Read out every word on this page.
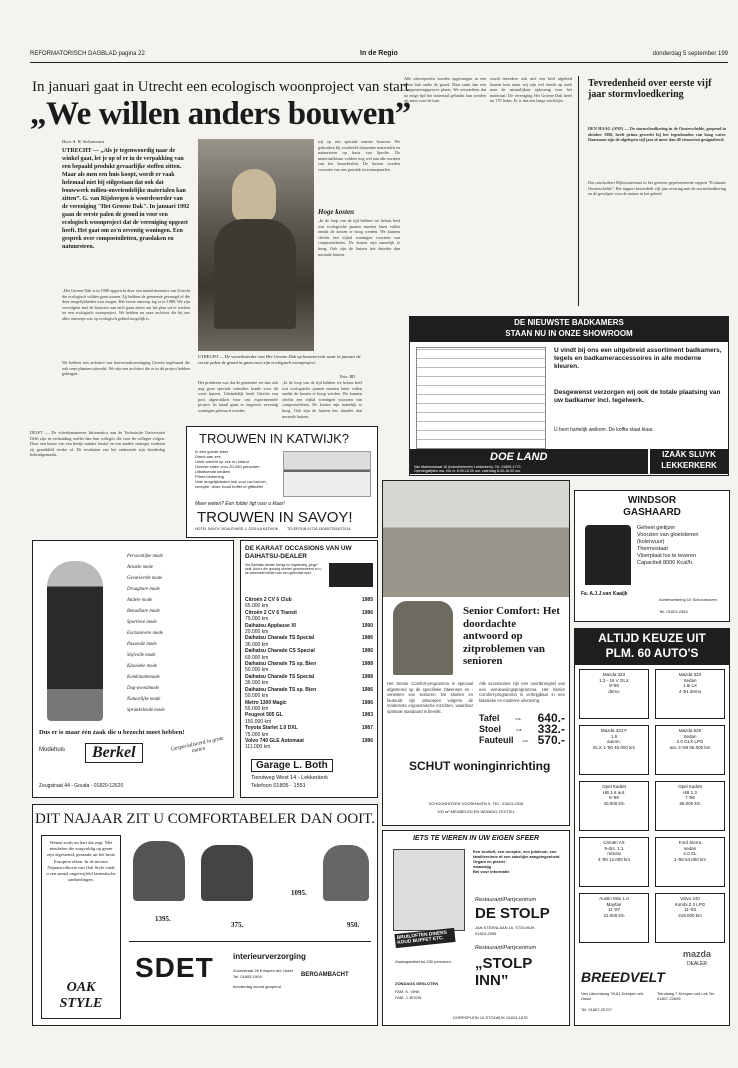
REFORMATORISCH DAGBLAD pagina 22	In de Regio	donderdag 5 september 199
In januari gaat in Utrecht een ecologisch woonproject van start
„We willen anders bouwen”
Door A. W. Schouwstra
UTRECHT — „Als je tegenwoordig naar de winkel gaat, let je op of er in de verpakking van een bepaald produkt gevaarlijke stoffen zitten. Maar als men een huis koopt, wordt er vaak helemaal niet bij stilgestaan dat ook dat bouwwerk milieu-onvriendelijke materialen kan zitten”. G. van Rijsbergen is woordvoerder van de vereniging "Het Groene Dak". In januari 1992 gaan de eerste palen de grond in voor een ecologisch woonproject dat de vereniging opgezet heeft. Het gaat om zo'n zeventig woningen. Een gesprek over compostoiletten, grasdaken en natuursteen.
„Het Groene Dak is in 1988 opgericht door een aantal inwoners van Utrecht die ecologisch wilden gaan wonen. Zij hebben de gemeente gevraagd of die deze mogelijkheden wou zorgen. Het eerste ontwerp lag er in 1989. We zijn vervolgens met de bouwers aan tafel gaan zitten om het plan uit te werken tot een ecologisch woonproject. We hebben nu onze architect die bij ons alles ontwerpt wat op ecologisch gebied mogelijk is.
We hebben een architect van bouwfondsvereniging Utrecht ingehuurd die ook onze plannen uitwerkt. We zijn een architect die er in dit project hebben gekregen.
UTRECHT — De woordvoerder van Het Groene Dak op bouwterrein waar in januari de eerste palen de grond in gaan voor zijn ecologisch woonproject.
Foto: RD
Het probleem was dat de gemeente we dan ook nog geen speciale subsidies kende voor dit soort huizen. Uiteindelijk heeft Utrecht een post afgetrokken voor ons experimentele project. In totaal gaan er ongeveer zeventig woningen gebouwd worden.
„In de loop van de tijd hebben we helaas heel wat ecologische punten moeten laten vallen omdat de kosten te hoog werden. We kunnen slechts een vijftal woningen voorzien van compostoiletten. De kosten zijn namelijk te hoog. Ook zijn de huizen iets duurder dan normale huizen.
wij op een speciale manier bouwen. We gebruiken bij voorbeeld duurzame materialen en natuursteen op basis van lijnolie. De materiaalkeuze voldoet nog wel aan alle normen van het bouwbesluit. De huizen worden voorzien van een grasdak en zonnepanelen.
Hoge kosten
„In de loop van de tijd hebben we helaas heel wat ecologische punten moeten laten vallen omdat de kosten te hoog werden. We kunnen slechts een vijftal woningen voorzien van compostoiletten. De kosten zijn namelijk te hoog. Ook zijn de huizen iets duurder dan normale huizen.
Alle uitwerpselen worden opgevangen in een groot bak onder de grond. Daar raakt dan een composteringsproces plaats. We verwachten dat na enige tijd het materiaal gebruikt kan worden als mest voor de tuin.
wordt meerdere ook niet een heel afgeleed houten huis maar wij zijn wel steeds op zoek naar de natuurlijkste oplossing voor het materiaal. De vereniging Het Groene Dak heeft nu 170 leden. Er is dus een lange wachtlijst.
Tevredenheid over eerste vijf jaar stormvloedkering
DEN HAAG (ANP) — De stormvloedkering in de Oosterschelde, geopend in oktober 1986, heeft prima gewerkt bij het tegenhouden van hoog water. Daarnaast zijn de afgelopen vijf jaar al meer dan 40 vissoorten gesignaleerd.
Dat concludeert Rijkswaterstaat in het gisteren gepresenteerde rapport "Evaluatie Oosterschelde". Het rapport beoordeelt vijf jaar ervaring met de stormvloedkering en de gevolgen voor de natuur in het gebied.
DELFT — De scheidsmanieren Informatica aan de Technische Universiteit Delft zijn in verhouding sneller dan hun collega's die voor de colleges volgen. Door een keuze van een beetje minder lesstof en een andere strategie studeren zij gemiddeld eerder af. De resultaten van het onderzoek zijn donderdag bekendgemaakt.
DE NIEUWSTE BADKAMERS
STAAN NU IN ONZE SHOWROOM
U vindt bij ons een uitgebreid assortiment badkamers, tegels en badkameraccessoires in alle moderne kleuren.
Desgewenst verzorgen wij ook de totale plaatsing van uw badkamer incl. tegelwerk.
U bent hartelijk welkom. De koffie staat klaar.
DOE LAND
Van Markenstraat 16 (industrieterrein Lekkerkerk). Tel. 01805-1773
Openingstijden ma. t/m vr. 8.00-18.00 uur, zaterdag 8.00-16.00 uur
IZAÄK SLUYK
LEKKERKERK
TROUWEN IN KATWIJK?
In een goede sfeer
Direct aan zee
Unek uitzicht op zee en strand
Diverse zalen voor 20-250 personen
Uitstekende keuken
Prima bediening
Vele mogelijkheden ook voor uw brunch, receptie, diner, koud buffet of giftbuffet
Meer weten? Een folder ligt voor u klaar!
TROUWEN IN SAVOY!
HOTEL SAVOY, BOULEVARD 1, 2225 AA KATWIJK TELEFOON 01718-15045/72518/73134
WINDSOR
GASHAARD
Geheel gietijzer
Voorzien van gloeistenen (kolenvuur)
Thermostaat
Vloerplaat los te leveren
Capaciteit 8000 Kcal/h.
Fa. A.J.J.van Kaaijk
Achterwetering 10 Schoonhoven
Tel. 01823-2364
Persoonlijke mode
Actuele mode
Gevarieerde mode
Draagbare mode
Andere mode
Betaalbare mode
Sportieve mode
Exclusievere mode
Passende mode
Stijlvolle mode
Klassieke mode
Kombinatiemode
Dag-avondmode
Natuurlijke mode
Sprankelende mode
Dus er is maar één zaak die u bezocht moet hebben!
Modehuis	Berkel	Gespecialiseerd in grote maten
Zeugstraat 44 - Gouda - 01820-12620
DE KARAAT OCCASIONS VAN UW DAIHATSU-DEALER
Uw Daihatsu-dealer brengt nu regelmatig „jonge" stuff. Auto's die grondig worden gecontroleerd en u de zekerheid bieden van een gebruikte auto.
Citroën 2 CV 6 Club	1985
65.000 km
Citroën 2 CV 6 Transit	1986
79.000 km
Daihatsu Applause XI	1990
20.000 km
Daihatsu Charade TS Special	1986
36.000 km
Daihatsu Charade CS Special	1986
69.000 km
Daihatsu Charade TS sp. Bien	1988
50.000 km
Daihatsu Charade TS Special	1988
36.000 km
Daihatsu Charade TS sp. Bien	1986
50.000 km
Metro 1300 Magic	1986
55.000 km
Peugeot 505 GL	1983
150.000 km
Toyota Starlet 1.0 DXL	1987
75.000 km
Volvo 740 GLE Automaat	1986
111.000 km
Garage L. Both
Tiendweg West 14 - Lekkerkerk
Telefoon 01805 - 1551
Senior Comfort: Het doordachte antwoord op zitproblemen van senioren
Het Senior Comfort-programma is speciaal afgestemd op de specifieke zitwensen en -vereisten van senioren. De stoelen en fauteuils zijn ontworpen volgens de modernste ergonomische inzichten, waardoor optimale standaard is bereikt.
Alle accessoires zijn een voortbrengsel van een vernieuwingsprogramma. Het Senior Comfort-programma is verkrijgbaar in een klassieke en moderne uitvoering.
Tafel	v.a. 640.-
Stoel	v.a. 332.-
Fauteuil v.a. 570.-
SCHUT woninginrichting
SCHOONHOVEN VOORHAVEN 9, TEL. 01823-2516
100 m² MEUBELEN EN WONING-TEXTIEL
ALTIJD KEUZE UIT
PLM. 60 AUTO'S
Mazda 323
1.3 - 16 V GLX
9-'89
demo
Mazda 323
Sedan
1.6i LX
4-'91 demo
Mazda 323 F
1.6
autom.
GLX 1-'90 40.000 km
Mazda 626
Sedan
2.0 GLX LPG
aut. 4-'88 55.000 km
Opel Kadett
HB 1.6 aut.
6-'89
40.000 km
Opel Kadett
HB 1.3
7-'86
68.000 km
Citroën AX
5-drs. 1.1
mistral
4-'90 12.000 km
Ford Sierra
sedan
2.0 CL
1-'88 54.000 km
Austin Mini 1.0
Mayfair
11-'87
22.000 km
Volvo 240
Kombi 2.3 LPG
11-'83
219.000 km
mazda
DEALER
BREEDVELT
Van Utrechtweg 78-81 Krimpen a/d IJssel
Tel. 01807-20707
Tiendweg 7 Krimpen a/d Lek Tel. 01807-22606
DIT NAJAAR ZIT U COMFORTABELER DAN OOIT.
Wenen zoals nu hart dat zegt. Met meubelen die zorgvuldig op genre zijn afgestemd, gemaakt uit het beste Europese eiken. In de nieuwe Najaarscollectie van Oak Style vindt u een aantal ongetwijfeld fantastische aanbiedingen.
OAK STYLE
1395.
375.
1095.
950.
SDET interieurverzorging
Zoomstraat 26 Krimpen a/d IJssel
Tel. 01805-1909	BERGAMBACHT
donderdag avond geopend
IETS TE VIEREN IN UW EIGEN SFEER
Een bruiloft, een receptie, een jubileum, een familiereünie of een zakelijke aangelegenheid
Organi en plezier
maaswijg
Bel voor informatie
BRUILOFTEN DINERS KOUD BUFFET ETC.
Zaalcapaciteit tot 250 personen
Restaurant/Partycentrum
DE STOLP
JAN STEENLAAN 16, STOLWIJK
01824-2595
Restaurant/Partycentrum
„STOLP INN”
DORPSPLEIN 10 STOLWIJK 01824-1675
ZONDAGS GESLOTEN
FAM. K. VINK
FAM. J. BOON
